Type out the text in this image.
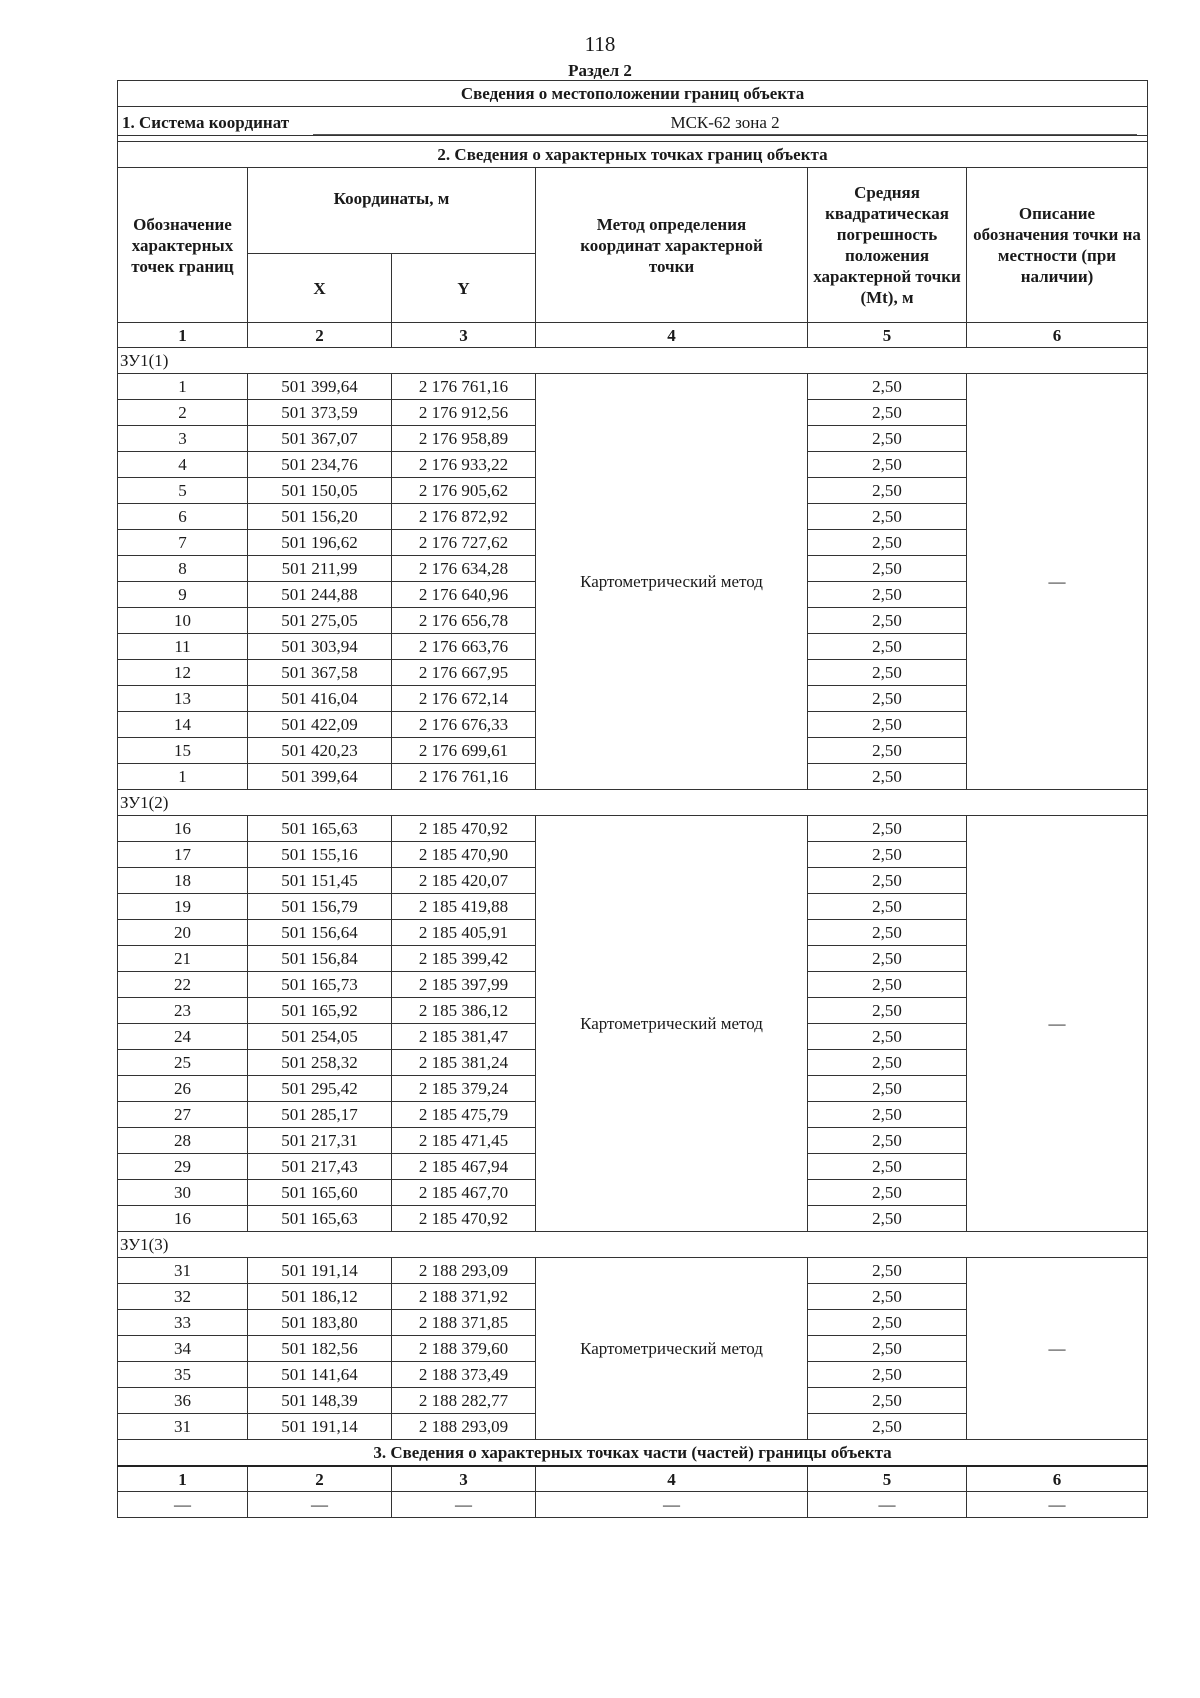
118
Раздел 2
Сведения о местоположении границ объекта					

1. Система координат МСК-62 зона 2					

2. Сведения о характерных точках границ объекта					
Обозначение характерных точек границ	Координаты, м		Метод определения координат характерной точки	Средняя квадратическая погрешность положения характерной точки (Mt), м	Описание обозначения точки на местности (при наличии)
	X	Y			
1	2	3	4	5	6
ЗУ1(1)					
1	501 399,64	2 176 761,16	Картометрический метод	2,50	—
2	501 373,59	2 176 912,56		2,50	
3	501 367,07	2 176 958,89		2,50	
4	501 234,76	2 176 933,22		2,50	
5	501 150,05	2 176 905,62		2,50	
6	501 156,20	2 176 872,92		2,50	
7	501 196,62	2 176 727,62		2,50	
8	501 211,99	2 176 634,28		2,50	
9	501 244,88	2 176 640,96		2,50	
10	501 275,05	2 176 656,78		2,50	
11	501 303,94	2 176 663,76		2,50	
12	501 367,58	2 176 667,95		2,50	
13	501 416,04	2 176 672,14		2,50	
14	501 422,09	2 176 676,33		2,50	
15	501 420,23	2 176 699,61		2,50	
1	501 399,64	2 176 761,16		2,50	
ЗУ1(2)					
16	501 165,63	2 185 470,92	Картометрический метод	2,50	—
17	501 155,16	2 185 470,90		2,50	
18	501 151,45	2 185 420,07		2,50	
19	501 156,79	2 185 419,88		2,50	
20	501 156,64	2 185 405,91		2,50	
21	501 156,84	2 185 399,42		2,50	
22	501 165,73	2 185 397,99		2,50	
23	501 165,92	2 185 386,12		2,50	
24	501 254,05	2 185 381,47		2,50	
25	501 258,32	2 185 381,24		2,50	
26	501 295,42	2 185 379,24		2,50	
27	501 285,17	2 185 475,79		2,50	
28	501 217,31	2 185 471,45		2,50	
29	501 217,43	2 185 467,94		2,50	
30	501 165,60	2 185 467,70		2,50	
16	501 165,63	2 185 470,92		2,50	
ЗУ1(3)					
31	501 191,14	2 188 293,09	Картометрический метод	2,50	—
32	501 186,12	2 188 371,92		2,50	
33	501 183,80	2 188 371,85		2,50	
34	501 182,56	2 188 379,60		2,50	
35	501 141,64	2 188 373,49		2,50	
36	501 148,39	2 188 282,77		2,50	
31	501 191,14	2 188 293,09		2,50	
3. Сведения о характерных точках части (частей) границы объекта					
1	2	3	4	5	6
—	—	—	—	—	—
